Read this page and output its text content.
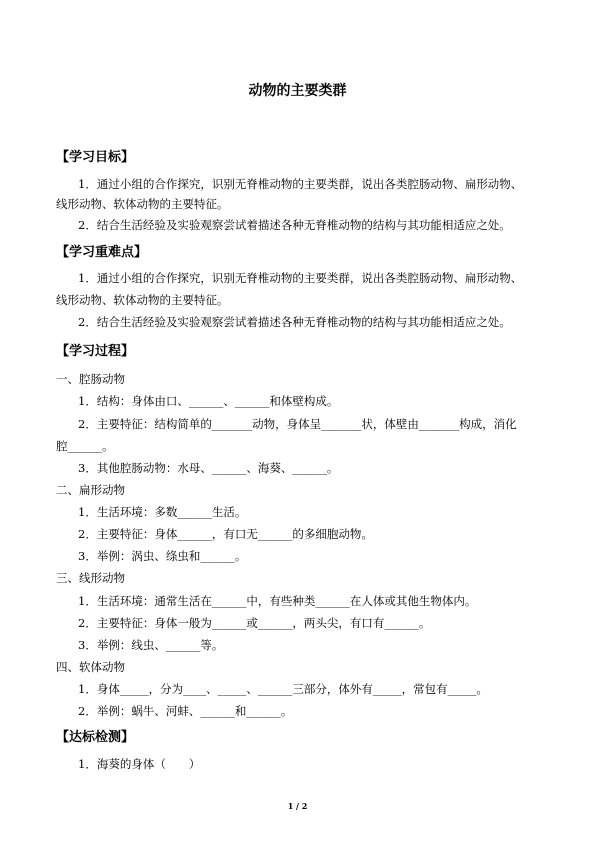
动物的主要类群
【学习目标】
1．通过小组的合作探究，识别无脊椎动物的主要类群，说出各类腔肠动物、扁形动物、
线形动物、软体动物的主要特征。
2．结合生活经验及实验观察尝试着描述各种无脊椎动物的结构与其功能相适应之处。
【学习重难点】
1．通过小组的合作探究，识别无脊椎动物的主要类群，说出各类腔肠动物、扁形动物、
线形动物、软体动物的主要特征。
2．结合生活经验及实验观察尝试着描述各种无脊椎动物的结构与其功能相适应之处。
【学习过程】
一、腔肠动物
1．结构：身体由口、______、______和体壁构成。
2．主要特征：结构简单的_______动物，身体呈_______状，体壁由_______构成，消化
腔______。
3．其他腔肠动物：水母、______、海葵、______。
二、扁形动物
1．生活环境：多数______生活。
2．主要特征：身体______，有口无______的多细胞动物。
3．举例：涡虫、绦虫和______。
三、线形动物
1．生活环境：通常生活在______中，有些种类______在人体或其他生物体内。
2．主要特征：身体一般为______或______，两头尖，有口有______。
3．举例：线虫、______等。
四、软体动物
1．身体_____，分为____、_____、______三部分，体外有_____，常包有_____。
2．举例：蜗牛、河蚌、______和______。
【达标检测】
1．海葵的身体（　　）
1 / 2
